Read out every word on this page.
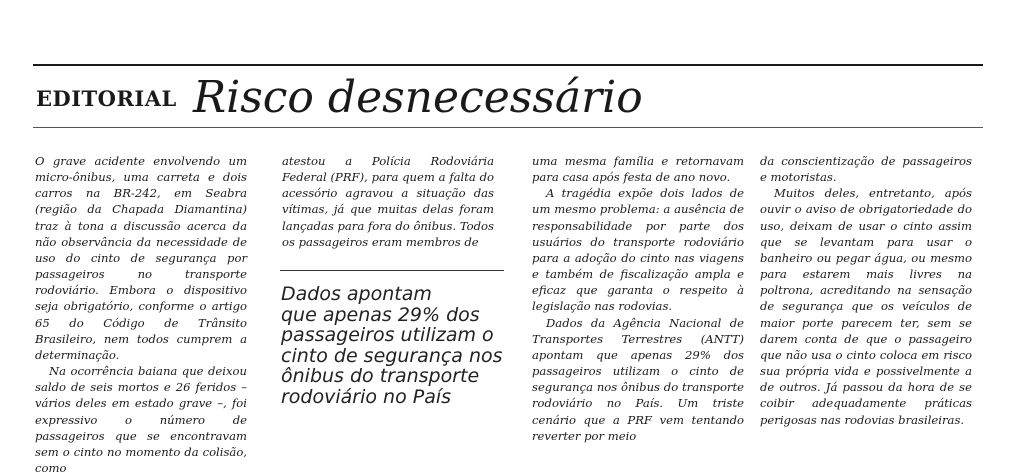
EDITORIAL Risco desnecessário

O grave acidente envolvendo um micro-ônibus, uma carreta e dois carros na BR-242, em Seabra (região da Chapada Diamantina) traz à tona a discussão acerca da não observância da necessidade de uso do cinto de segurança por passageiros no transporte rodoviário. Embora o dispositivo seja obrigatório, conforme o artigo 65 do Código de Trânsito Brasileiro, nem todos cumprem a determinação.

Na ocorrência baiana que deixou saldo de seis mortos e 26 feridos – vários deles em estado grave –, foi expressivo o número de passageiros que se encontravam sem o cinto no momento da colisão, como

atestou a Polícia Rodoviária Federal (PRF), para quem a falta do acessório agravou a situação das vítimas, já que muitas delas foram lançadas para fora do ônibus. Todos os passageiros eram membros de

Dados apontam
que apenas 29% dos
passageiros utilizam o
cinto de segurança nos
ônibus do transporte
rodoviário no País

uma mesma família e retornavam para casa após festa de ano novo.

A tragédia expõe dois lados de um mesmo problema: a ausência de responsabilidade por parte dos usuários do transporte rodoviário para a adoção do cinto nas viagens e também de fiscalização ampla e eficaz que garanta o respeito à legislação nas rodovias.

Dados da Agência Nacional de Transportes Terrestres (ANTT) apontam que apenas 29% dos passageiros utilizam o cinto de segurança nos ônibus do transporte rodoviário no País. Um triste cenário que a PRF vem tentando reverter por meio

da conscientização de passageiros e motoristas.

Muitos deles, entretanto, após ouvir o aviso de obrigatoriedade do uso, deixam de usar o cinto assim que se levantam para usar o banheiro ou pegar água, ou mesmo para estarem mais livres na poltrona, acreditando na sensação de segurança que os veículos de maior porte parecem ter, sem se darem conta de que o passageiro que não usa o cinto coloca em risco sua própria vida e possivelmente a de outros. Já passou da hora de se coibir adequadamente práticas perigosas nas rodovias brasileiras.
